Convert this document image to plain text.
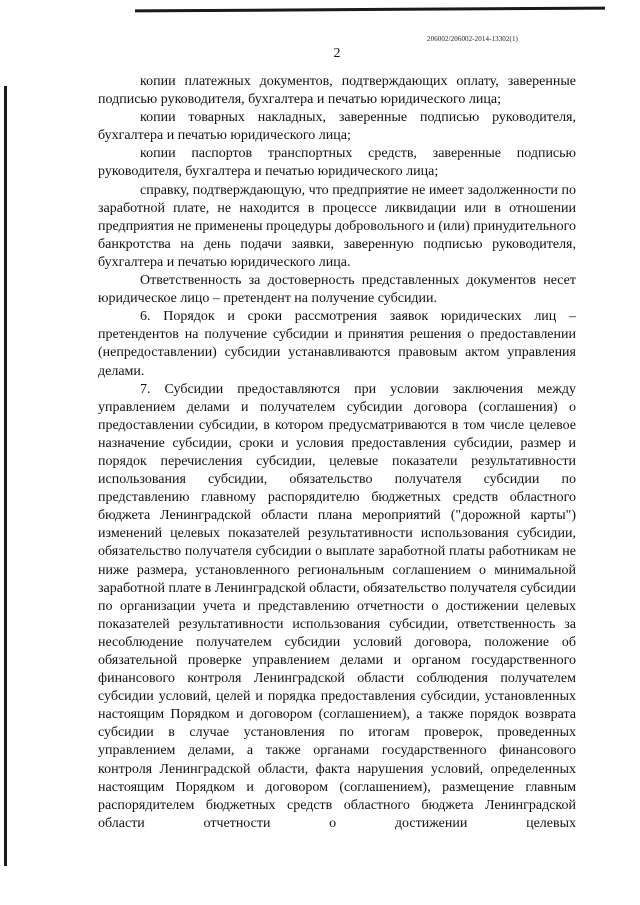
206002/206002-2014-13302(1)
2

копии платежных документов, подтверждающих оплату, заверенные подписью руководителя, бухгалтера и печатью юридического лица;

копии товарных накладных, заверенные подписью руководителя, бухгалтера и печатью юридического лица;

копии паспортов транспортных средств, заверенные подписью руководителя, бухгалтера и печатью юридического лица;

справку, подтверждающую, что предприятие не имеет задолженности по заработной плате, не находится в процессе ликвидации или в отношении предприятия не применены процедуры добровольного и (или) принудительного банкротства на день подачи заявки, заверенную подписью руководителя, бухгалтера и печатью юридического лица.

Ответственность за достоверность представленных документов несет юридическое лицо – претендент на получение субсидии.

6. Порядок и сроки рассмотрения заявок юридических лиц – претендентов на получение субсидии и принятия решения о предоставлении (непредоставлении) субсидии устанавливаются правовым актом управления делами.

7. Субсидии предоставляются при условии заключения между управлением делами и получателем субсидии договора (соглашения) о предоставлении субсидии, в котором предусматриваются в том числе целевое назначение субсидии, сроки и условия предоставления субсидии, размер и порядок перечисления субсидии, целевые показатели результативности использования субсидии, обязательство получателя субсидии по представлению главному распорядителю бюджетных средств областного бюджета Ленинградской области плана мероприятий ("дорожной карты") изменений целевых показателей результативности использования субсидии, обязательство получателя субсидии о выплате заработной платы работникам не ниже размера, установленного региональным соглашением о минимальной заработной плате в Ленинградской области, обязательство получателя субсидии по организации учета и представлению отчетности о достижении целевых показателей результативности использования субсидии, ответственность за несоблюдение получателем субсидии условий договора, положение об обязательной проверке управлением делами и органом государственного финансового контроля Ленинградской области соблюдения получателем субсидии условий, целей и порядка предоставления субсидии, установленных настоящим Порядком и договором (соглашением), а также порядок возврата субсидии в случае установления по итогам проверок, проведенных управлением делами, а также органами государственного финансового контроля Ленинградской области, факта нарушения условий, определенных настоящим Порядком и договором (соглашением), размещение главным распорядителем бюджетных средств областного бюджета Ленинградской области отчетности о достижении целевых
